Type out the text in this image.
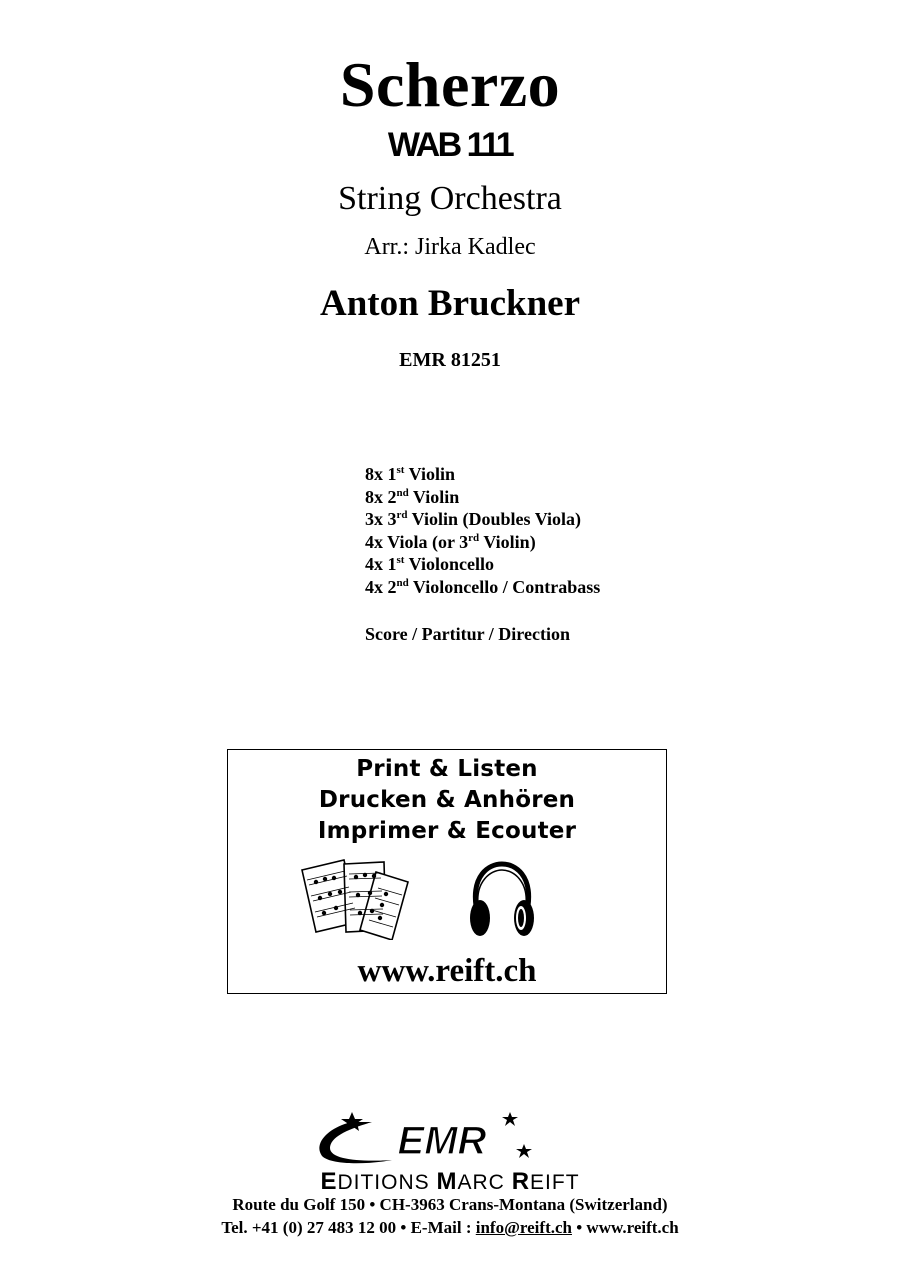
Scherzo
WAB 111
String Orchestra
Arr.: Jirka Kadlec
Anton Bruckner
EMR 81251
8x 1st Violin
8x 2nd Violin
3x 3rd Violin (Doubles Viola)
4x Viola (or 3rd Violin)
4x 1st Violoncello
4x 2nd Violoncello / Contrabass
Score / Partitur / Direction
Print & Listen
Drucken & Anhören
Imprimer & Ecouter
www.reift.ch
EMR
EDITIONS MARC REIFT
Route du Golf 150 • CH-3963 Crans-Montana (Switzerland)
Tel. +41 (0) 27 483 12 00 • E-Mail : info@reift.ch • www.reift.ch
